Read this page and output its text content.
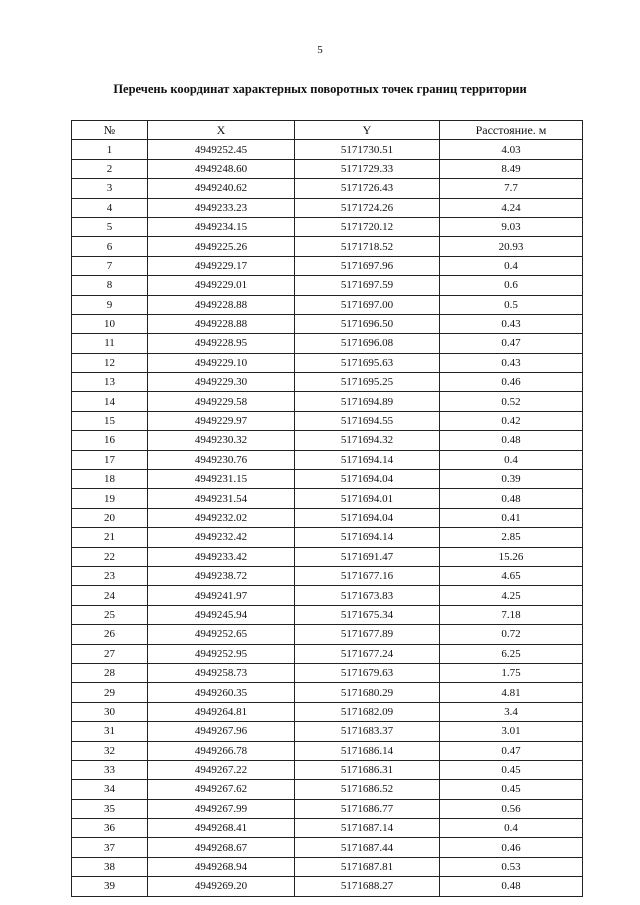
5
Перечень координат характерных поворотных точек границ территории
№	X	Y	Расстояние. м
1	4949252.45	5171730.51	4.03
2	4949248.60	5171729.33	8.49
3	4949240.62	5171726.43	7.7
4	4949233.23	5171724.26	4.24
5	4949234.15	5171720.12	9.03
6	4949225.26	5171718.52	20.93
7	4949229.17	5171697.96	0.4
8	4949229.01	5171697.59	0.6
9	4949228.88	5171697.00	0.5
10	4949228.88	5171696.50	0.43
11	4949228.95	5171696.08	0.47
12	4949229.10	5171695.63	0.43
13	4949229.30	5171695.25	0.46
14	4949229.58	5171694.89	0.52
15	4949229.97	5171694.55	0.42
16	4949230.32	5171694.32	0.48
17	4949230.76	5171694.14	0.4
18	4949231.15	5171694.04	0.39
19	4949231.54	5171694.01	0.48
20	4949232.02	5171694.04	0.41
21	4949232.42	5171694.14	2.85
22	4949233.42	5171691.47	15.26
23	4949238.72	5171677.16	4.65
24	4949241.97	5171673.83	4.25
25	4949245.94	5171675.34	7.18
26	4949252.65	5171677.89	0.72
27	4949252.95	5171677.24	6.25
28	4949258.73	5171679.63	1.75
29	4949260.35	5171680.29	4.81
30	4949264.81	5171682.09	3.4
31	4949267.96	5171683.37	3.01
32	4949266.78	5171686.14	0.47
33	4949267.22	5171686.31	0.45
34	4949267.62	5171686.52	0.45
35	4949267.99	5171686.77	0.56
36	4949268.41	5171687.14	0.4
37	4949268.67	5171687.44	0.46
38	4949268.94	5171687.81	0.53
39	4949269.20	5171688.27	0.48
